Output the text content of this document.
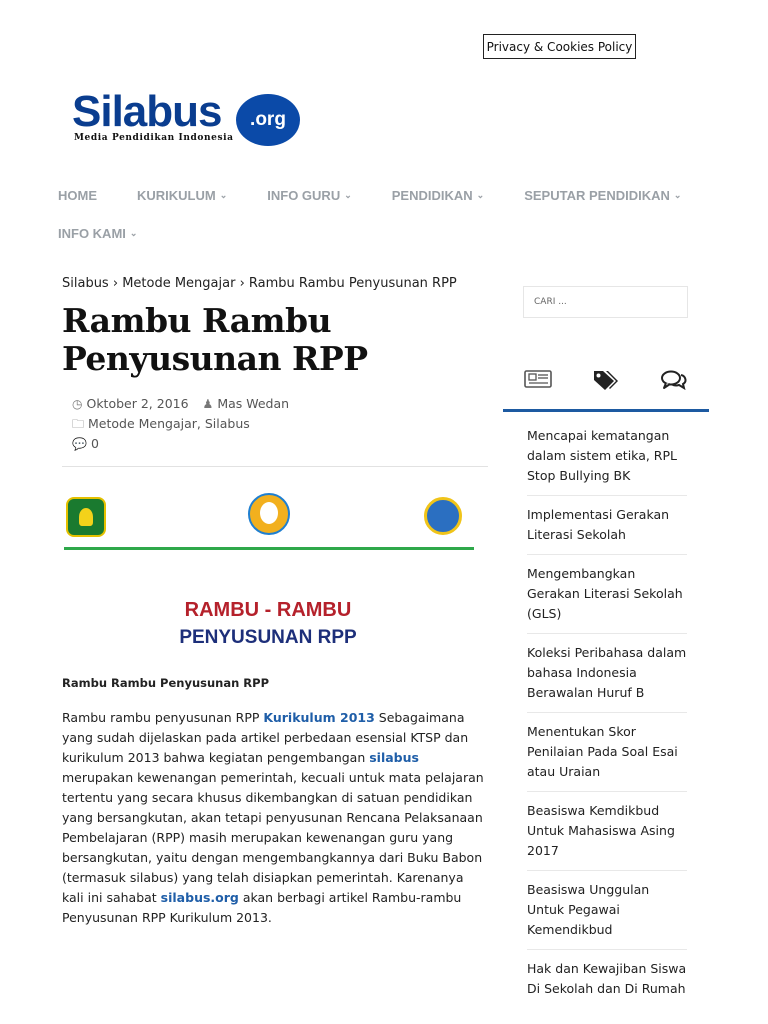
Privacy & Cookies Policy
Silabus	.org
Media Pendidikan Indonesia
HOME	KURIKULUM ⌄	INFO GURU ⌄	PENDIDIKAN ⌄	SEPUTAR PENDIDIKAN ⌄
INFO KAMI ⌄
Silabus › Metode Mengajar › Rambu Rambu Penyusunan RPP
Rambu Rambu Penyusunan RPP
◷ Oktober 2, 2016 ♟ Mas Wedan 🗀 Metode Mengajar, Silabus
💬 0
RAMBU - RAMBU
PENYUSUNAN RPP
Rambu Rambu Penyusunan RPP

Rambu rambu penyusunan RPP Kurikulum 2013 Sebagaimana yang sudah dijelaskan pada artikel perbedaan esensial KTSP dan kurikulum 2013 bahwa kegiatan pengembangan silabus merupakan kewenangan pemerintah, kecuali untuk mata pelajaran tertentu yang secara khusus dikembangkan di satuan pendidikan yang bersangkutan, akan tetapi penyusunan Rencana Pelaksanaan Pembelajaran (RPP) masih merupakan kewenangan guru yang bersangkutan, yaitu dengan mengembangkannya dari Buku Babon (termasuk silabus) yang telah disiapkan pemerintah. Karenanya kali ini sahabat silabus.org akan berbagi artikel Rambu-rambu Penyusunan RPP Kurikulum 2013.

CARI ...
Mencapai kematangan dalam sistem etika, RPL Stop Bullying BK
Implementasi Gerakan Literasi Sekolah
Mengembangkan Gerakan Literasi Sekolah (GLS)
Koleksi Peribahasa dalam bahasa Indonesia Berawalan Huruf B
Menentukan Skor Penilaian Pada Soal Esai atau Uraian
Beasiswa Kemdikbud Untuk Mahasiswa Asing 2017
Beasiswa Unggulan Untuk Pegawai Kemendikbud
Hak dan Kewajiban Siswa Di Sekolah dan Di Rumah
